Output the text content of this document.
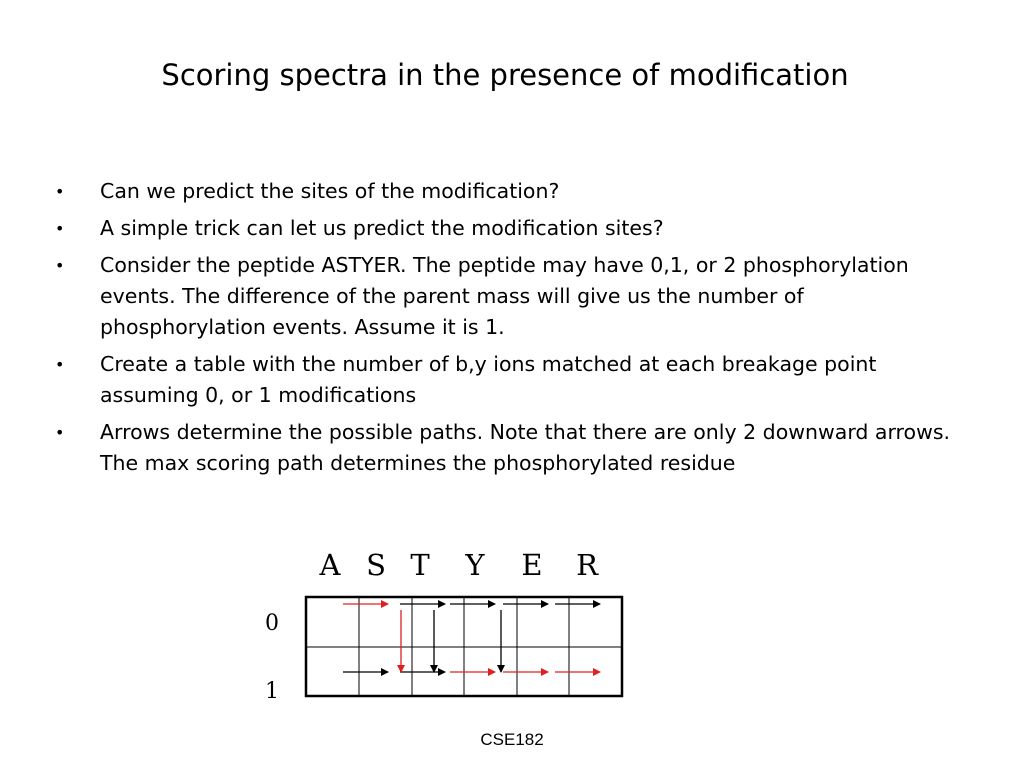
Scoring spectra in the presence of modification
• Can we predict the sites of the modification?
• A simple trick can let us predict the modification sites?
• Consider the peptide ASTYER. The peptide may have 0,1, or 2 phosphorylation events. The difference of the parent mass will give us the number of phosphorylation events. Assume it is 1.
• Create a table with the number of b,y ions matched at each breakage point assuming 0, or 1 modifications
• Arrows determine the possible paths. Note that there are only 2 downward arrows. The max scoring path determines the phosphorylated residue
A S T Y E R
0
1
CSE182
